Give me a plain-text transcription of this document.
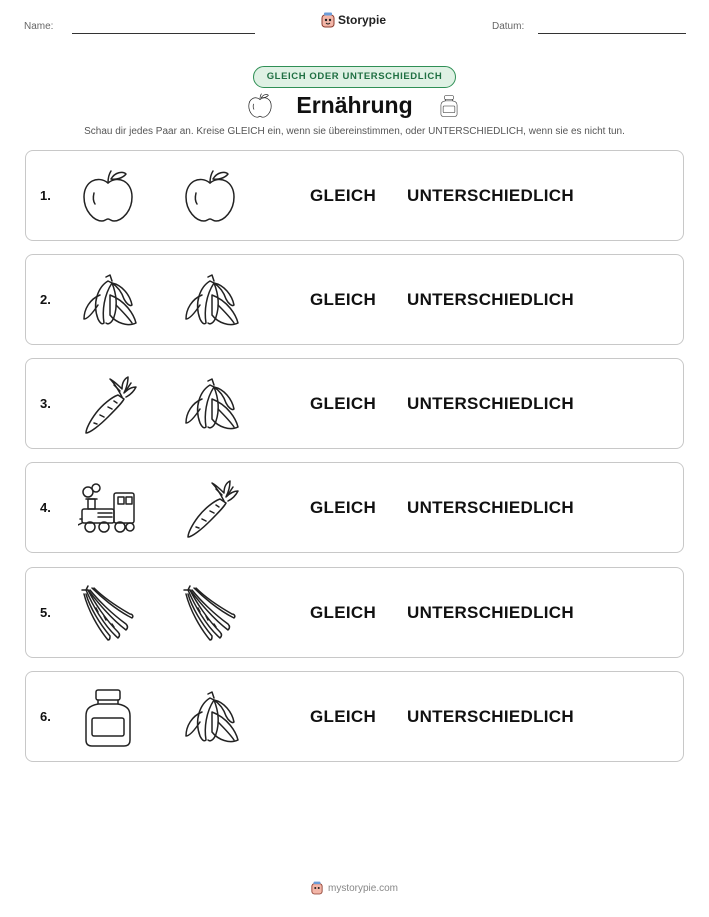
Name:	Storypie	Datum:
GLEICH ODER UNTERSCHIEDLICH
Ernährung
Schau dir jedes Paar an. Kreise GLEICH ein, wenn sie übereinstimmen, oder UNTERSCHIEDLICH, wenn sie es nicht tun.
1.	GLEICH UNTERSCHIEDLICH
2.	GLEICH UNTERSCHIEDLICH
3.	GLEICH UNTERSCHIEDLICH
4.	GLEICH UNTERSCHIEDLICH
5.	GLEICH UNTERSCHIEDLICH
6.	GLEICH UNTERSCHIEDLICH
mystorypie.com
